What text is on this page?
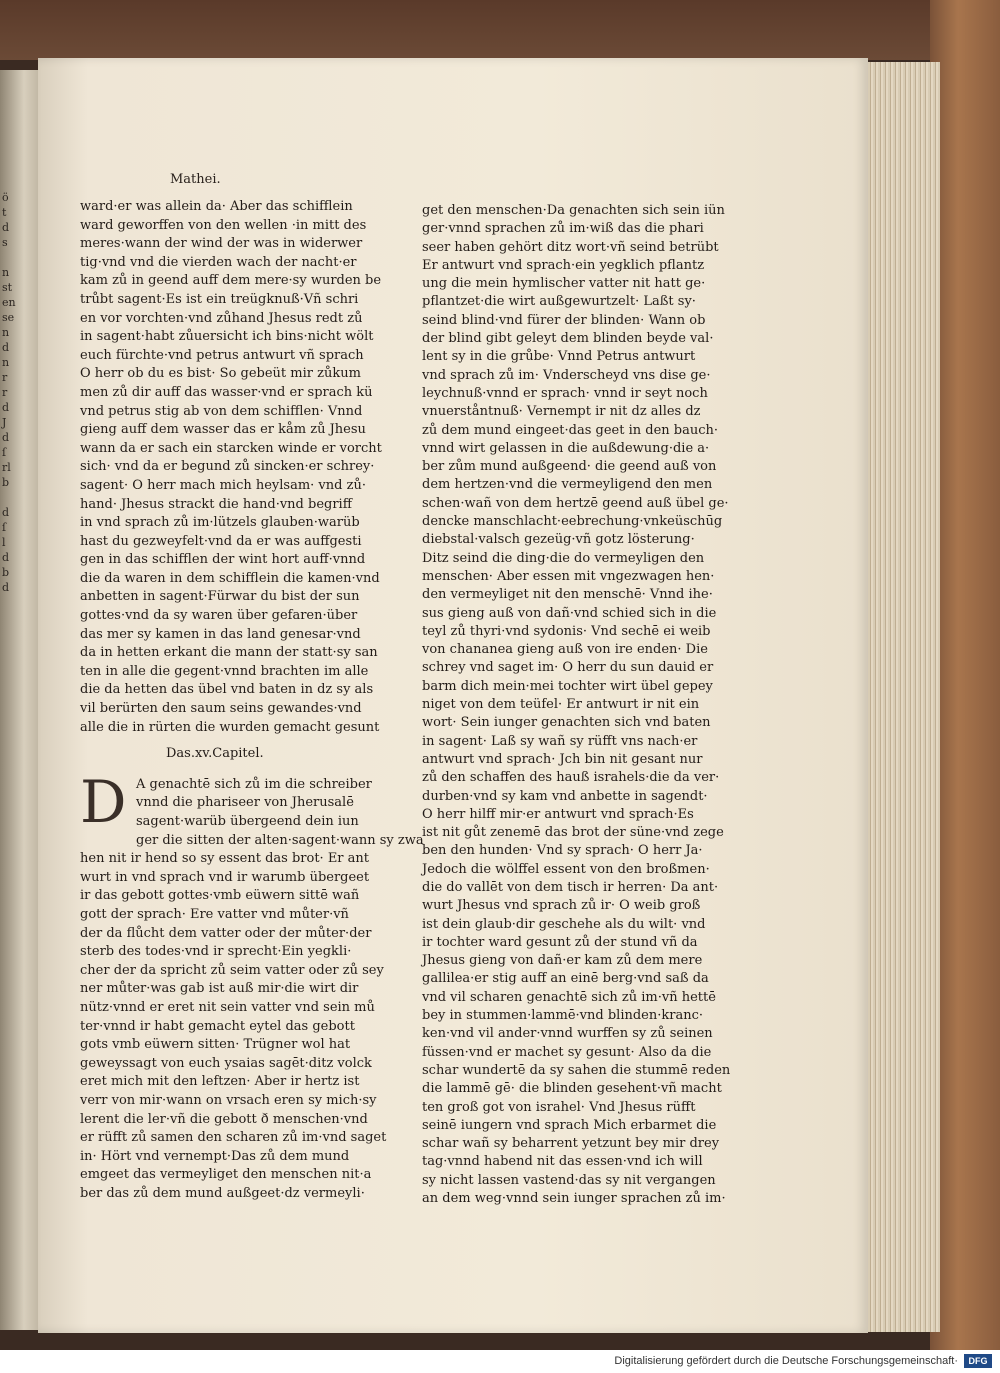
ö
t
d
s

n
st
en
se
n
d
n
r
r
d
J
d
ſ
rl
b

d
ſ
l
d
b
d
Mathei.
ward·er was allein da· Aber das schifflein
ward geworffen von den wellen ·in mitt des
meres·wann der wind der was in widerwer
tig·vnd vnd die vierden wach der nacht·er
kam zů in geend auff dem mere·sy wurden be
trůbt sagent·Es ist ein treügknuß·Vñ schri
en vor vorchten·vnd zůhand Jhesus redt zů
in sagent·habt zůuersicht ich bins·nicht wölt
euch fürchte·vnd petrus antwurt vñ sprach
O herr ob du es bist· So gebeüt mir zůkum
men zů dir auff das wasser·vnd er sprach kü
vnd petrus stig ab von dem schifflen· Vnnd
gieng auff dem wasser das er kåm zů Jhesu
wann da er sach ein starcken winde er vorcht
sich· vnd da er begund zů sincken·er schrey·
sagent· O herr mach mich heylsam· vnd zů·
hand· Jhesus strackt die hand·vnd begriff
in vnd sprach zů im·lützels glauben·warüb
hast du gezweyfelt·vnd da er was auffgesti
gen in das schifflen der wint hort auff·vnnd
die da waren in dem schifflein die kamen·vnd
anbetten in sagent·Fürwar du bist der sun
gottes·vnd da sy waren über gefaren·über
das mer sy kamen in das land genesar·vnd
da in hetten erkant die mann der statt·sy san
ten in alle die gegent·vnnd brachten im alle
die da hetten das übel vnd baten in dz sy als
vil berürten den saum seins gewandes·vnd
alle die in rürten die wurden gemacht gesunt
Das.xv.Capitel.
D A genachtē sich zů im die schreiber
vnnd die phariseer von Jherusalē
sagent·warüb übergeend dein iun
ger die sitten der alten·sagent·wann sy zwa
hen nit ir hend so sy essent das brot· Er ant
wurt in vnd sprach vnd ir warumb übergeet
ir das gebott gottes·vmb eüwern sittē wañ
gott der sprach· Ere vatter vnd můter·vñ
der da flůcht dem vatter oder der můter·der
sterb des todes·vnd ir sprecht·Ein yegkli·
cher der da spricht zů seim vatter oder zů sey
ner můter·was gab ist auß mir·die wirt dir
nütz·vnnd er eret nit sein vatter vnd sein mů
ter·vnnd ir habt gemacht eytel das gebott
gots vmb eüwern sitten· Trügner wol hat
geweyssagt von euch ysaias sagēt·ditz volck
eret mich mit den leftzen· Aber ir hertz ist
verr von mir·wann on vrsach eren sy mich·sy
lerent die ler·vñ die gebott ð menschen·vnd
er rüfft zů samen den scharen zů im·vnd saget
in· Hört vnd vernempt·Das zů dem mund
emgeet das vermeyliget den menschen nit·a
ber das zů dem mund außgeet·dz vermeyli·
get den menschen·Da genachten sich sein iün
ger·vnnd sprachen zů im·wiß das die phari
seer haben gehört ditz wort·vñ seind betrübt
Er antwurt vnd sprach·ein yegklich pflantz
ung die mein hymlischer vatter nit hatt ge·
pflantzet·die wirt außgewurtzelt· Laßt sy·
seind blind·vnd fürer der blinden· Wann ob
der blind gibt geleyt dem blinden beyde val·
lent sy in die grůbe· Vnnd Petrus antwurt
vnd sprach zů im· Vnderscheyd vns dise ge·
leychnuß·vnnd er sprach· vnnd ir seyt noch
vnuerståntnuß· Vernempt ir nit dz alles dz
zů dem mund eingeet·das geet in den bauch·
vnnd wirt gelassen in die außdewung·die a·
ber zům mund außgeend· die geend auß von
dem hertzen·vnd die vermeyligend den men
schen·wañ von dem hertzē geend auß übel ge·
dencke manschlacht·eebrechung·vnkeüschūg
diebstal·valsch gezeüg·vñ gotz lösterung·
Ditz seind die ding·die do vermeyligen den
menschen· Aber essen mit vngezwagen hen·
den vermeyliget nit den menschē· Vnnd ihe·
sus gieng auß von dañ·vnd schied sich in die
teyl zů thyri·vnd sydonis· Vnd sechē ei weib
von chananea gieng auß von ire enden· Die
schrey vnd saget im· O herr du sun dauid er
barm dich mein·mei tochter wirt übel gepey
niget von dem teüfel· Er antwurt ir nit ein
wort· Sein iunger genachten sich vnd baten
in sagent· Laß sy wañ sy rüfft vns nach·er
antwurt vnd sprach· Jch bin nit gesant nur
zů den schaffen des hauß israhels·die da ver·
durben·vnd sy kam vnd anbette in sagendt·
O herr hilff mir·er antwurt vnd sprach·Es
ist nit gůt zenemē das brot der süne·vnd zege
ben den hunden· Vnd sy sprach· O herr Ja·
Jedoch die wölffel essent von den broßmen·
die do vallēt von dem tisch ir herren· Da ant·
wurt Jhesus vnd sprach zů ir· O weib groß
ist dein glaub·dir geschehe als du wilt· vnd
ir tochter ward gesunt zů der stund vñ da
Jhesus gieng von dañ·er kam zů dem mere
gallilea·er stig auff an einē berg·vnd saß da
vnd vil scharen genachtē sich zů im·vñ hettē
bey in stummen·lammē·vnd blinden·kranc·
ken·vnd vil ander·vnnd wurffen sy zů seinen
füssen·vnd er machet sy gesunt· Also da die
schar wundertē da sy sahen die stummē reden
die lammē gē· die blinden gesehent·vñ macht
ten groß got von israhel· Vnd Jhesus rüfft
seinē iungern vnd sprach Mich erbarmet die
schar wañ sy beharrent yetzunt bey mir drey
tag·vnnd habend nit das essen·vnd ich will
sy nicht lassen vastend·das sy nit vergangen
an dem weg·vnnd sein iunger sprachen zů im·
Digitalisierung gefördert durch die Deutsche Forschungsgemeinschaft·	DFG
